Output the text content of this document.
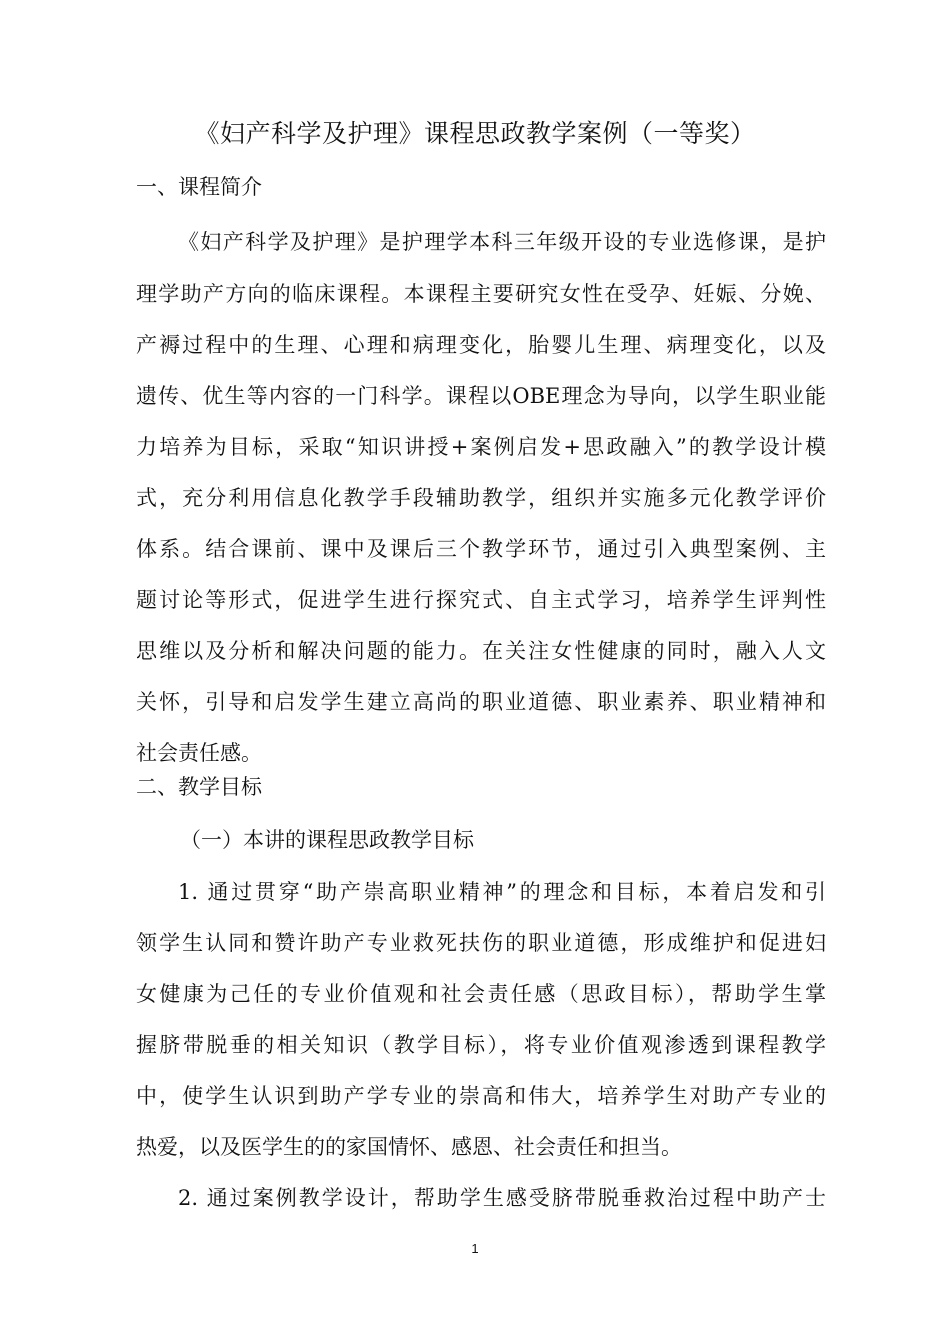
《妇产科学及护理》课程思政教学案例（一等奖）
一、课程简介

《妇产科学及护理》是护理学本科三年级开设的专业选修课，是护

理学助产方向的临床课程。本课程主要研究女性在受孕、妊娠、分娩、

产褥过程中的生理、心理和病理变化，胎婴儿生理、病理变化，以及

遗传、优生等内容的一门科学。课程以OBE理念为导向，以学生职业能

力培养为目标，采取“知识讲授+案例启发+思政融入”的教学设计模

式，充分利用信息化教学手段辅助教学，组织并实施多元化教学评价

体系。结合课前、课中及课后三个教学环节，通过引入典型案例、主

题讨论等形式，促进学生进行探究式、自主式学习，培养学生评判性

思维以及分析和解决问题的能力。在关注女性健康的同时，融入人文

关怀，引导和启发学生建立高尚的职业道德、职业素养、职业精神和

社会责任感。

二、教学目标
（一）本讲的课程思政教学目标

1. 通过贯穿“助产崇高职业精神”的理念和目标，本着启发和引

领学生认同和赞许助产专业救死扶伤的职业道德，形成维护和促进妇

女健康为己任的专业价值观和社会责任感（思政目标），帮助学生掌

握脐带脱垂的相关知识（教学目标），将专业价值观渗透到课程教学

中，使学生认识到助产学专业的崇高和伟大，培养学生对助产专业的

热爱，以及医学生的的家国情怀、感恩、社会责任和担当。

2. 通过案例教学设计，帮助学生感受脐带脱垂救治过程中助产士

1
